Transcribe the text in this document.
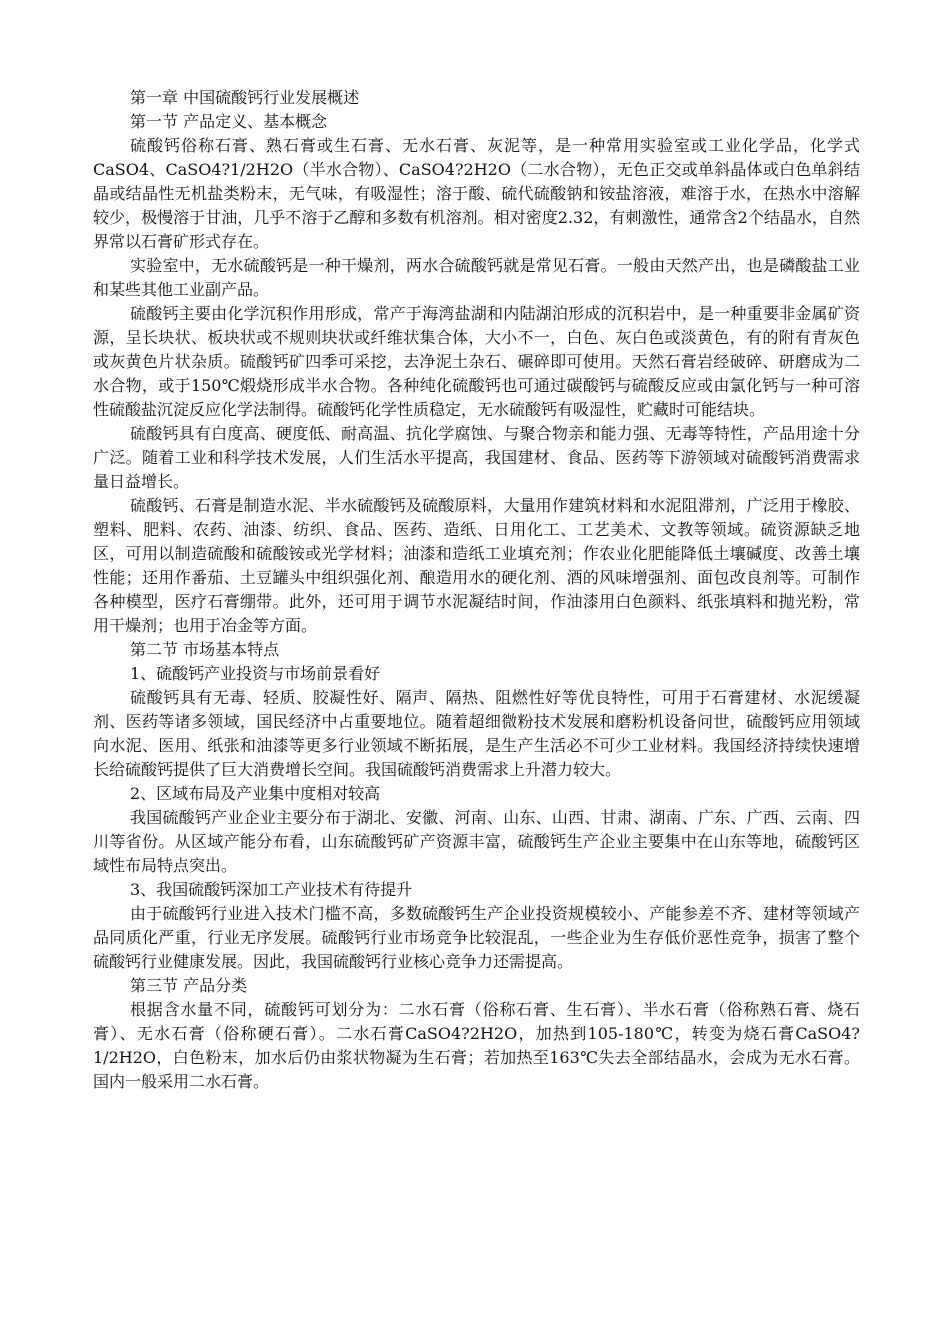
第一章 中国硫酸钙行业发展概述

第一节 产品定义、基本概念

硫酸钙俗称石膏、熟石膏或生石膏、无水石膏、灰泥等，是一种常用实验室或工业化学品，化学式CaSO4、CaSO4?1/2H2O（半水合物）、CaSO4?2H2O（二水合物），无色正交或单斜晶体或白色单斜结晶或结晶性无机盐类粉末，无气味，有吸湿性；溶于酸、硫代硫酸钠和铵盐溶液，难溶于水，在热水中溶解较少，极慢溶于甘油，几乎不溶于乙醇和多数有机溶剂。相对密度2.32，有刺激性，通常含2个结晶水，自然界常以石膏矿形式存在。

实验室中，无水硫酸钙是一种干燥剂，两水合硫酸钙就是常见石膏。一般由天然产出，也是磷酸盐工业和某些其他工业副产品。

硫酸钙主要由化学沉积作用形成，常产于海湾盐湖和内陆湖泊形成的沉积岩中，是一种重要非金属矿资源，呈长块状、板块状或不规则块状或纤维状集合体，大小不一，白色、灰白色或淡黄色，有的附有青灰色或灰黄色片状杂质。硫酸钙矿四季可采挖，去净泥土杂石、碾碎即可使用。天然石膏岩经破碎、研磨成为二水合物，或于150℃煅烧形成半水合物。各种纯化硫酸钙也可通过碳酸钙与硫酸反应或由氯化钙与一种可溶性硫酸盐沉淀反应化学法制得。硫酸钙化学性质稳定，无水硫酸钙有吸湿性，贮藏时可能结块。

硫酸钙具有白度高、硬度低、耐高温、抗化学腐蚀、与聚合物亲和能力强、无毒等特性，产品用途十分广泛。随着工业和科学技术发展，人们生活水平提高，我国建材、食品、医药等下游领域对硫酸钙消费需求量日益增长。

硫酸钙、石膏是制造水泥、半水硫酸钙及硫酸原料，大量用作建筑材料和水泥阻滞剂，广泛用于橡胶、塑料、肥料、农药、油漆、纺织、食品、医药、造纸、日用化工、工艺美术、文教等领域。硫资源缺乏地区，可用以制造硫酸和硫酸铵或光学材料；油漆和造纸工业填充剂；作农业化肥能降低土壤碱度、改善土壤性能；还用作番茄、土豆罐头中组织强化剂、酿造用水的硬化剂、酒的风味增强剂、面包改良剂等。可制作各种模型，医疗石膏绷带。此外，还可用于调节水泥凝结时间，作油漆用白色颜料、纸张填料和抛光粉，常用干燥剂；也用于冶金等方面。

第二节 市场基本特点

1、硫酸钙产业投资与市场前景看好

硫酸钙具有无毒、轻质、胶凝性好、隔声、隔热、阻燃性好等优良特性，可用于石膏建材、水泥缓凝剂、医药等诸多领域，国民经济中占重要地位。随着超细微粉技术发展和磨粉机设备问世，硫酸钙应用领域向水泥、医用、纸张和油漆等更多行业领域不断拓展，是生产生活必不可少工业材料。我国经济持续快速增长给硫酸钙提供了巨大消费增长空间。我国硫酸钙消费需求上升潜力较大。

2、区域布局及产业集中度相对较高

我国硫酸钙产业企业主要分布于湖北、安徽、河南、山东、山西、甘肃、湖南、广东、广西、云南、四川等省份。从区域产能分布看，山东硫酸钙矿产资源丰富，硫酸钙生产企业主要集中在山东等地，硫酸钙区域性布局特点突出。

3、我国硫酸钙深加工产业技术有待提升

由于硫酸钙行业进入技术门槛不高，多数硫酸钙生产企业投资规模较小、产能参差不齐、建材等领域产品同质化严重，行业无序发展。硫酸钙行业市场竞争比较混乱，一些企业为生存低价恶性竞争，损害了整个硫酸钙行业健康发展。因此，我国硫酸钙行业核心竞争力还需提高。

第三节 产品分类

根据含水量不同，硫酸钙可划分为：二水石膏（俗称石膏、生石膏）、半水石膏（俗称熟石膏、烧石膏）、无水石膏（俗称硬石膏）。二水石膏CaSO4?2H2O，加热到105-180℃，转变为烧石膏CaSO4?1/2H2O，白色粉末，加水后仍由浆状物凝为生石膏；若加热至163℃失去全部结晶水，会成为无水石膏。国内一般采用二水石膏。
